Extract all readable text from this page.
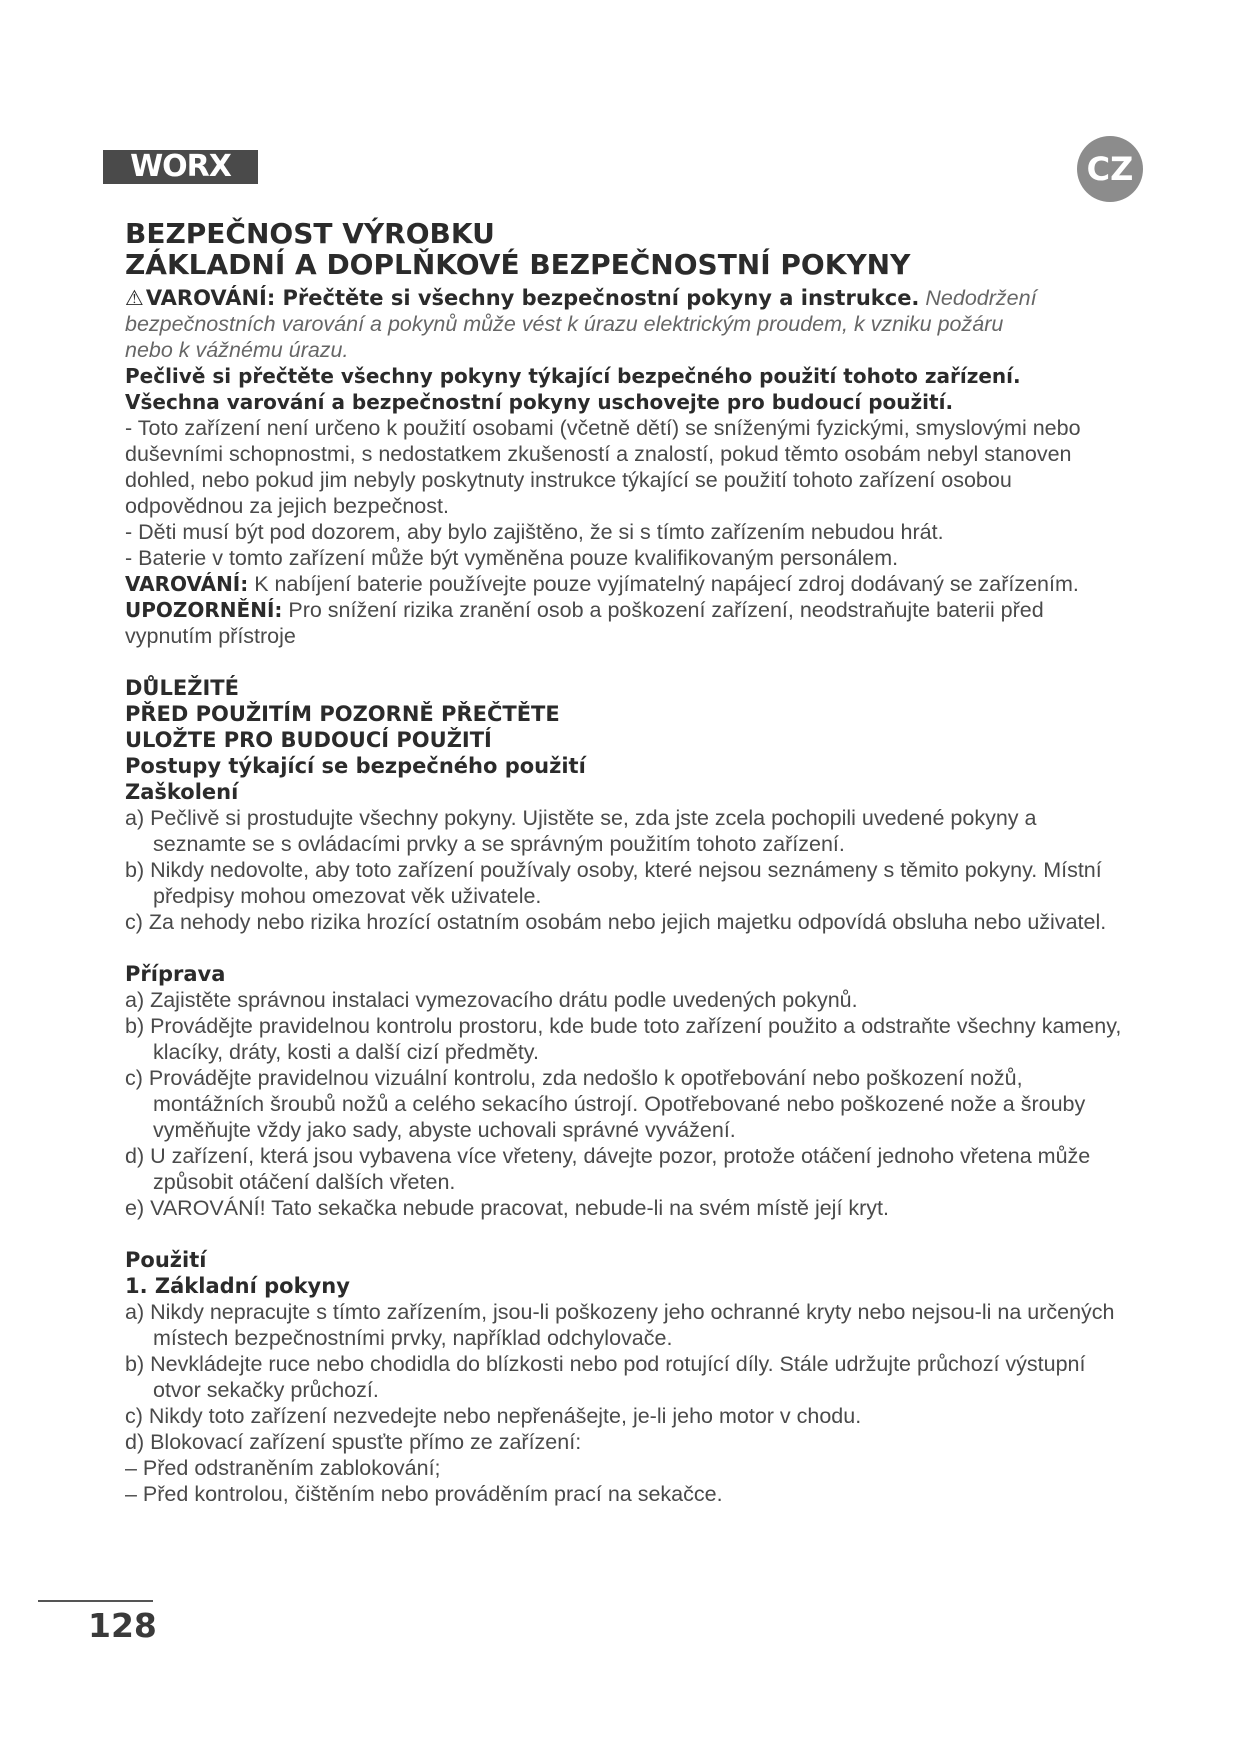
WORX	CZ
BEZPEČNOST VÝROBKU
ZÁKLADNÍ A DOPLŇKOVÉ BEZPEČNOSTNÍ POKYNY
⚠VAROVÁNÍ: Přečtěte si všechny bezpečnostní pokyny a instrukce. Nedodržení
bezpečnostních varování a pokynů může vést k úrazu elektrickým proudem, k vzniku požáru
nebo k vážnému úrazu.
Pečlivě si přečtěte všechny pokyny týkající bezpečného použití tohoto zařízení.
Všechna varování a bezpečnostní pokyny uschovejte pro budoucí použití.

- Toto zařízení není určeno k použití osobami (včetně dětí) se sníženými fyzickými, smyslovými nebo duševními schopnostmi, s nedostatkem zkušeností a znalostí, pokud těmto osobám nebyl stanoven dohled, nebo pokud jim nebyly poskytnuty instrukce týkající se použití tohoto zařízení osobou odpovědnou za jejich bezpečnost.

- Děti musí být pod dozorem, aby bylo zajištěno, že si s tímto zařízením nebudou hrát.

- Baterie v tomto zařízení může být vyměněna pouze kvalifikovaným personálem.

VAROVÁNÍ: K nabíjení baterie používejte pouze vyjímatelný napájecí zdroj dodávaný se zařízením.

UPOZORNĚNÍ: Pro snížení rizika zranění osob a poškození zařízení, neodstraňujte baterii před vypnutím přístroje

DŮLEŽITÉ
PŘED POUŽITÍM POZORNĚ PŘEČTĚTE
ULOŽTE PRO BUDOUCÍ POUŽITÍ
Postupy týkající se bezpečného použití
Zaškolení

a) Pečlivě si prostudujte všechny pokyny. Ujistěte se, zda jste zcela pochopili uvedené pokyny a seznamte se s ovládacími prvky a se správným použitím tohoto zařízení.

b) Nikdy nedovolte, aby toto zařízení používaly osoby, které nejsou seznámeny s těmito pokyny. Místní předpisy mohou omezovat věk uživatele.

c) Za nehody nebo rizika hrozící ostatním osobám nebo jejich majetku odpovídá obsluha nebo uživatel.

Příprava

a) Zajistěte správnou instalaci vymezovacího drátu podle uvedených pokynů.

b) Provádějte pravidelnou kontrolu prostoru, kde bude toto zařízení použito a odstraňte všechny kameny, klacíky, dráty, kosti a další cizí předměty.

c) Provádějte pravidelnou vizuální kontrolu, zda nedošlo k opotřebování nebo poškození nožů, montážních šroubů nožů a celého sekacího ústrojí. Opotřebované nebo poškozené nože a šrouby vyměňujte vždy jako sady, abyste uchovali správné vyvážení.

d) U zařízení, která jsou vybavena více vřeteny, dávejte pozor, protože otáčení jednoho vřetena může způsobit otáčení dalších vřeten.

e) VAROVÁNÍ! Tato sekačka nebude pracovat, nebude-li na svém místě její kryt.

Použití
1. Základní pokyny

a) Nikdy nepracujte s tímto zařízením, jsou-li poškozeny jeho ochranné kryty nebo nejsou-li na určených místech bezpečnostními prvky, například odchylovače.

b) Nevkládejte ruce nebo chodidla do blízkosti nebo pod rotující díly. Stále udržujte průchozí výstupní otvor sekačky průchozí.

c) Nikdy toto zařízení nezvedejte nebo nepřenášejte, je-li jeho motor v chodu.

d) Blokovací zařízení spusťte přímo ze zařízení:

– Před odstraněním zablokování;

– Před kontrolou, čištěním nebo prováděním prací na sekačce.

128
